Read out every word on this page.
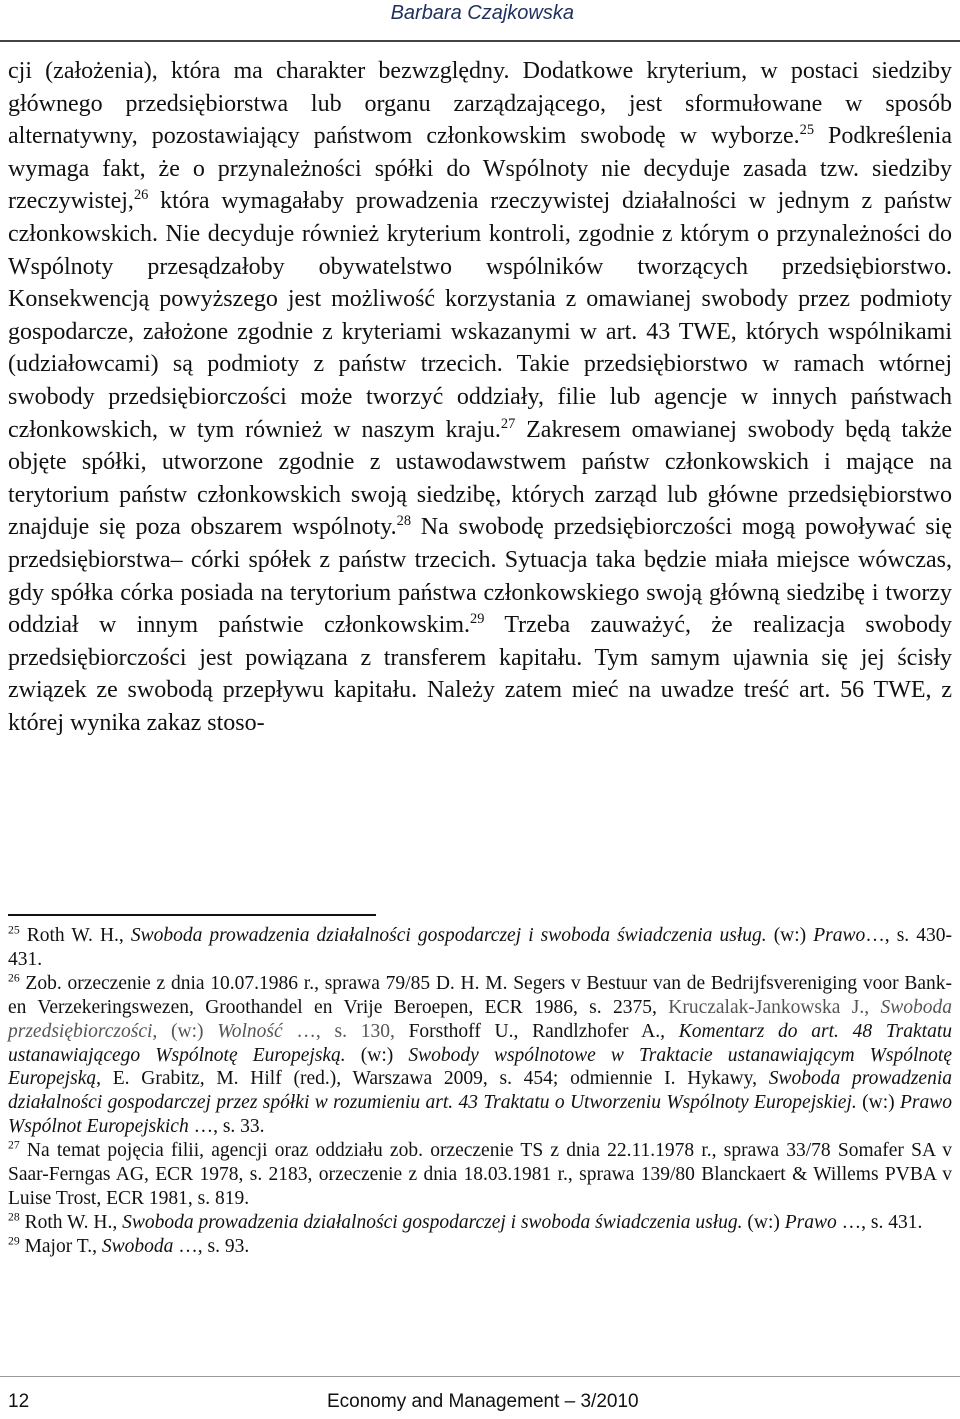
Barbara Czajkowska

cji (założenia), która ma charakter bezwzględny. Dodatkowe kryterium, w postaci siedziby głównego przedsiębiorstwa lub organu zarządzającego, jest sformułowane w sposób alternatywny, pozostawiający państwom członkowskim swobodę w wyborze.$^{25}$ Podkreślenia wymaga fakt, że o przynależności spółki do Wspólnoty nie decyduje zasada tzw. siedziby rzeczywistej,$^{26}$ która wymagałaby prowadzenia rzeczywistej działalności w jednym z państw członkowskich. Nie decyduje również kryterium kontroli, zgodnie z którym o przynależności do Wspólnoty przesądzałoby obywatelstwo wspólników tworzących przedsiębiorstwo. Konsekwencją powyższego jest możliwość korzystania z omawianej swobody przez podmioty gospodarcze, założone zgodnie z kryteriami wskazanymi w art. 43 TWE, których wspólnikami (udziałowcami) są podmioty z państw trzecich. Takie przedsiębiorstwo w ramach wtórnej swobody przedsiębiorczości może tworzyć oddziały, filie lub agencje w innych państwach członkowskich, w tym również w naszym kraju.$^{27}$ Zakresem omawianej swobody będą także objęte spółki, utworzone zgodnie z ustawodawstwem państw członkowskich i mające na terytorium państw członkowskich swoją siedzibę, których zarząd lub główne przedsiębiorstwo znajduje się poza obszarem wspólnoty.$^{28}$ Na swobodę przedsiębiorczości mogą powoływać się przedsiębiorstwa– córki spółek z państw trzecich. Sytuacja taka będzie miała miejsce wówczas, gdy spółka córka posiada na terytorium państwa członkowskiego swoją główną siedzibę i tworzy oddział w innym państwie członkowskim.$^{29}$ Trzeba zauważyć, że realizacja swobody przedsiębiorczości jest powiązana z transferem kapitału. Tym samym ujawnia się jej ścisły związek ze swobodą przepływu kapitału. Należy zatem mieć na uwadze treść art. 56 TWE, z której wynika zakaz stoso-

$^{25}$ Roth W. H., Swoboda prowadzenia działalności gospodarczej i swoboda świadczenia usług. (w:) Prawo…, s. 430-431.

$^{26}$ Zob. orzeczenie z dnia 10.07.1986 r., sprawa 79/85 D. H. M. Segers v Bestuur van de Bedrijfsvereniging voor Bank- en Verzekeringswezen, Groothandel en Vrije Beroepen, ECR 1986, s. 2375, Kruczalak-Jankowska J., Swoboda przedsiębiorczości, (w:) Wolność …, s. 130, Forsthoff U., Randlzhofer A., Komentarz do art. 48 Traktatu ustanawiającego Wspólnotę Europejską. (w:) Swobody wspólnotowe w Traktacie ustanawiającym Wspólnotę Europejską, E. Grabitz, M. Hilf (red.), Warszawa 2009, s. 454; odmiennie I. Hykawy, Swoboda prowadzenia działalności gospodarczej przez spółki w rozumieniu art. 43 Traktatu o Utworzeniu Wspólnoty Europejskiej. (w:) Prawo Wspólnot Europejskich …, s. 33.

$^{27}$ Na temat pojęcia filii, agencji oraz oddziału zob. orzeczenie TS z dnia 22.11.1978 r., sprawa 33/78 Somafer SA v Saar-Ferngas AG, ECR 1978, s. 2183, orzeczenie z dnia 18.03.1981 r., sprawa 139/80 Blanckaert & Willems PVBA v Luise Trost, ECR 1981, s. 819.

$^{28}$ Roth W. H., Swoboda prowadzenia działalności gospodarczej i swoboda świadczenia usług. (w:) Prawo …, s. 431.

$^{29}$ Major T., Swoboda …, s. 93.

12	Economy and Management – 3/2010
